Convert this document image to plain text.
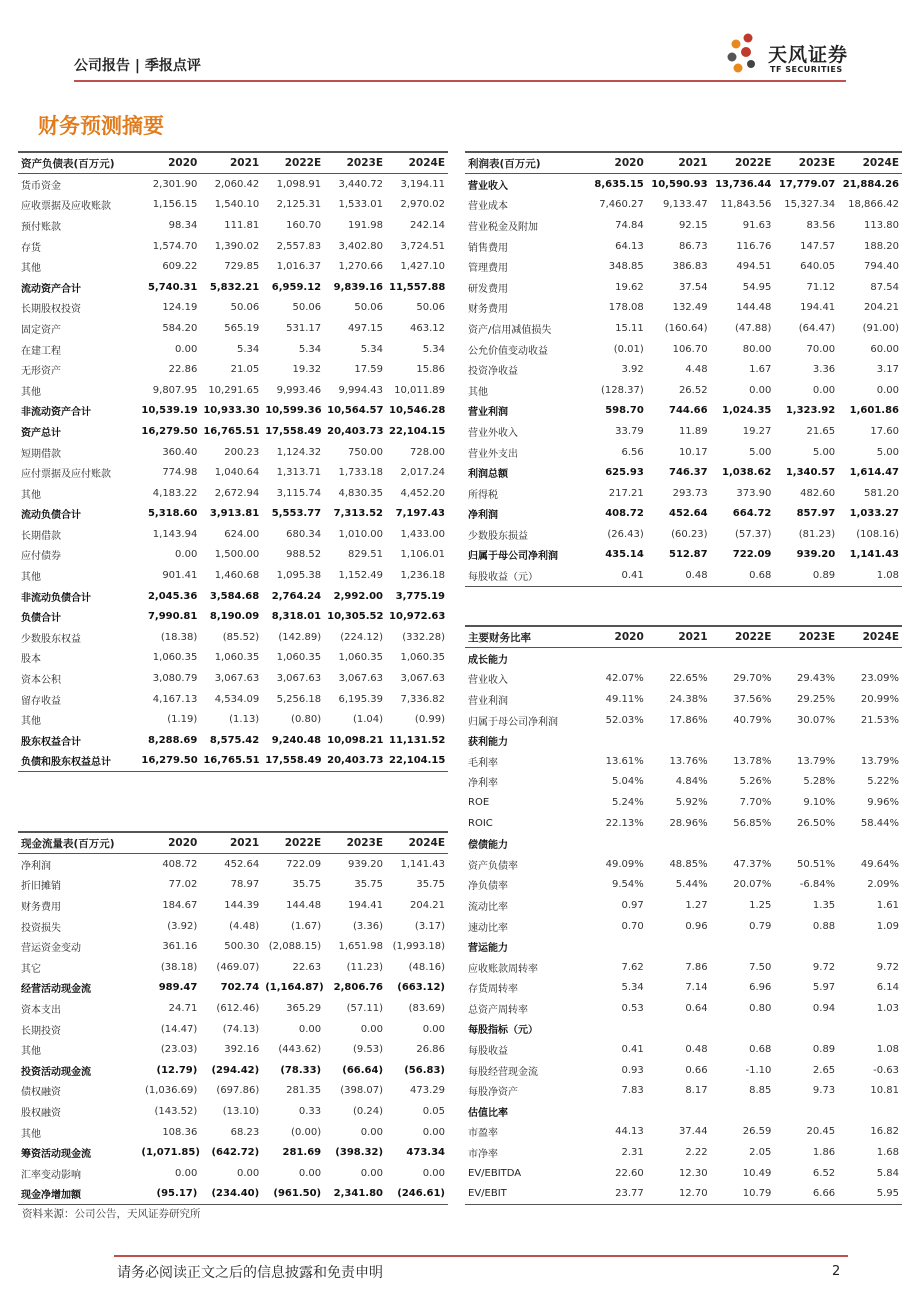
公司报告 | 季报点评	天风证券
TF SECURITIES
财务预测摘要
资产负债表(百万元)	2020	2021	2022E	2023E	2024E
货币资金	2,301.90	2,060.42	1,098.91	3,440.72	3,194.11
应收票据及应收账款	1,156.15	1,540.10	2,125.31	1,533.01	2,970.02
预付账款	98.34	111.81	160.70	191.98	242.14
存货	1,574.70	1,390.02	2,557.83	3,402.80	3,724.51
其他	609.22	729.85	1,016.37	1,270.66	1,427.10
流动资产合计	5,740.31	5,832.21	6,959.12	9,839.16	11,557.88
长期股权投资	124.19	50.06	50.06	50.06	50.06
固定资产	584.20	565.19	531.17	497.15	463.12
在建工程	0.00	5.34	5.34	5.34	5.34
无形资产	22.86	21.05	19.32	17.59	15.86
其他	9,807.95	10,291.65	9,993.46	9,994.43	10,011.89
非流动资产合计	10,539.19	10,933.30	10,599.36	10,564.57	10,546.28
资产总计	16,279.50	16,765.51	17,558.49	20,403.73	22,104.15
短期借款	360.40	200.23	1,124.32	750.00	728.00
应付票据及应付账款	774.98	1,040.64	1,313.71	1,733.18	2,017.24
其他	4,183.22	2,672.94	3,115.74	4,830.35	4,452.20
流动负债合计	5,318.60	3,913.81	5,553.77	7,313.52	7,197.43
长期借款	1,143.94	624.00	680.34	1,010.00	1,433.00
应付债券	0.00	1,500.00	988.52	829.51	1,106.01
其他	901.41	1,460.68	1,095.38	1,152.49	1,236.18
非流动负债合计	2,045.36	3,584.68	2,764.24	2,992.00	3,775.19
负债合计	7,990.81	8,190.09	8,318.01	10,305.52	10,972.63
少数股东权益	(18.38)	(85.52)	(142.89)	(224.12)	(332.28)
股本	1,060.35	1,060.35	1,060.35	1,060.35	1,060.35
资本公积	3,080.79	3,067.63	3,067.63	3,067.63	3,067.63
留存收益	4,167.13	4,534.09	5,256.18	6,195.39	7,336.82
其他	(1.19)	(1.13)	(0.80)	(1.04)	(0.99)
股东权益合计	8,288.69	8,575.42	9,240.48	10,098.21	11,131.52
负债和股东权益总计	16,279.50	16,765.51	17,558.49	20,403.73	22,104.15
利润表(百万元)	2020	2021	2022E	2023E	2024E
营业收入	8,635.15	10,590.93	13,736.44	17,779.07	21,884.26
营业成本	7,460.27	9,133.47	11,843.56	15,327.34	18,866.42
营业税金及附加	74.84	92.15	91.63	83.56	113.80
销售费用	64.13	86.73	116.76	147.57	188.20
管理费用	348.85	386.83	494.51	640.05	794.40
研发费用	19.62	37.54	54.95	71.12	87.54
财务费用	178.08	132.49	144.48	194.41	204.21
资产/信用减值损失	15.11	(160.64)	(47.88)	(64.47)	(91.00)
公允价值变动收益	(0.01)	106.70	80.00	70.00	60.00
投资净收益	3.92	4.48	1.67	3.36	3.17
其他	(128.37)	26.52	0.00	0.00	0.00
营业利润	598.70	744.66	1,024.35	1,323.92	1,601.86
营业外收入	33.79	11.89	19.27	21.65	17.60
营业外支出	6.56	10.17	5.00	5.00	5.00
利润总额	625.93	746.37	1,038.62	1,340.57	1,614.47
所得税	217.21	293.73	373.90	482.60	581.20
净利润	408.72	452.64	664.72	857.97	1,033.27
少数股东损益	(26.43)	(60.23)	(57.37)	(81.23)	(108.16)
归属于母公司净利润	435.14	512.87	722.09	939.20	1,141.43
每股收益（元）	0.41	0.48	0.68	0.89	1.08
主要财务比率	2020	2021	2022E	2023E	2024E
成长能力					
营业收入	42.07%	22.65%	29.70%	29.43%	23.09%
营业利润	49.11%	24.38%	37.56%	29.25%	20.99%
归属于母公司净利润	52.03%	17.86%	40.79%	30.07%	21.53%
获利能力					
毛利率	13.61%	13.76%	13.78%	13.79%	13.79%
净利率	5.04%	4.84%	5.26%	5.28%	5.22%
ROE	5.24%	5.92%	7.70%	9.10%	9.96%
ROIC	22.13%	28.96%	56.85%	26.50%	58.44%
偿债能力					
资产负债率	49.09%	48.85%	47.37%	50.51%	49.64%
净负债率	9.54%	5.44%	20.07%	-6.84%	2.09%
流动比率	0.97	1.27	1.25	1.35	1.61
速动比率	0.70	0.96	0.79	0.88	1.09
营运能力					
应收账款周转率	7.62	7.86	7.50	9.72	9.72
存货周转率	5.34	7.14	6.96	5.97	6.14
总资产周转率	0.53	0.64	0.80	0.94	1.03
每股指标（元）					
每股收益	0.41	0.48	0.68	0.89	1.08
每股经营现金流	0.93	0.66	-1.10	2.65	-0.63
每股净资产	7.83	8.17	8.85	9.73	10.81
估值比率					
市盈率	44.13	37.44	26.59	20.45	16.82
市净率	2.31	2.22	2.05	1.86	1.68
EV/EBITDA	22.60	12.30	10.49	6.52	5.84
EV/EBIT	23.77	12.70	10.79	6.66	5.95
现金流量表(百万元)	2020	2021	2022E	2023E	2024E
净利润	408.72	452.64	722.09	939.20	1,141.43
折旧摊销	77.02	78.97	35.75	35.75	35.75
财务费用	184.67	144.39	144.48	194.41	204.21
投资损失	(3.92)	(4.48)	(1.67)	(3.36)	(3.17)
营运资金变动	361.16	500.30	(2,088.15)	1,651.98	(1,993.18)
其它	(38.18)	(469.07)	22.63	(11.23)	(48.16)
经营活动现金流	989.47	702.74	(1,164.87)	2,806.76	(663.12)
资本支出	24.71	(612.46)	365.29	(57.11)	(83.69)
长期投资	(14.47)	(74.13)	0.00	0.00	0.00
其他	(23.03)	392.16	(443.62)	(9.53)	26.86
投资活动现金流	(12.79)	(294.42)	(78.33)	(66.64)	(56.83)
债权融资	(1,036.69)	(697.86)	281.35	(398.07)	473.29
股权融资	(143.52)	(13.10)	0.33	(0.24)	0.05
其他	108.36	68.23	(0.00)	0.00	0.00
筹资活动现金流	(1,071.85)	(642.72)	281.69	(398.32)	473.34
汇率变动影响	0.00	0.00	0.00	0.00	0.00
现金净增加额	(95.17)	(234.40)	(961.50)	2,341.80	(246.61)
资料来源：公司公告，天风证券研究所
请务必阅读正文之后的信息披露和免责申明	2
